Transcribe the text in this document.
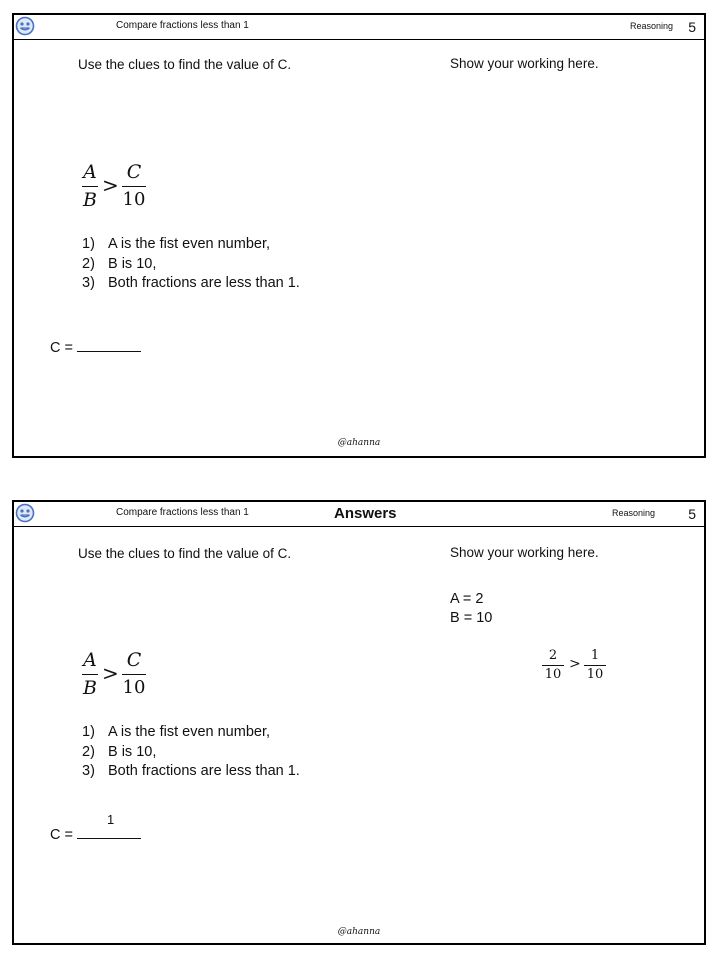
Compare fractions less than 1	Reasoning 5
Use the clues to find the value of C.	Show your working here.
A
B
>
C
10
1) A is the fist even number,
2) B is 10,
3) Both fractions are less than 1.
C =
@ahanna
Compare fractions less than 1	Answers	Reasoning 5
Use the clues to find the value of C.	Show your working here.
A = 2
B = 10
2
10
>
1
10
A
B
>
C
10
1) A is the fist even number,
2) B is 10,
3) Both fractions are less than 1.
C =
1
@ahanna
